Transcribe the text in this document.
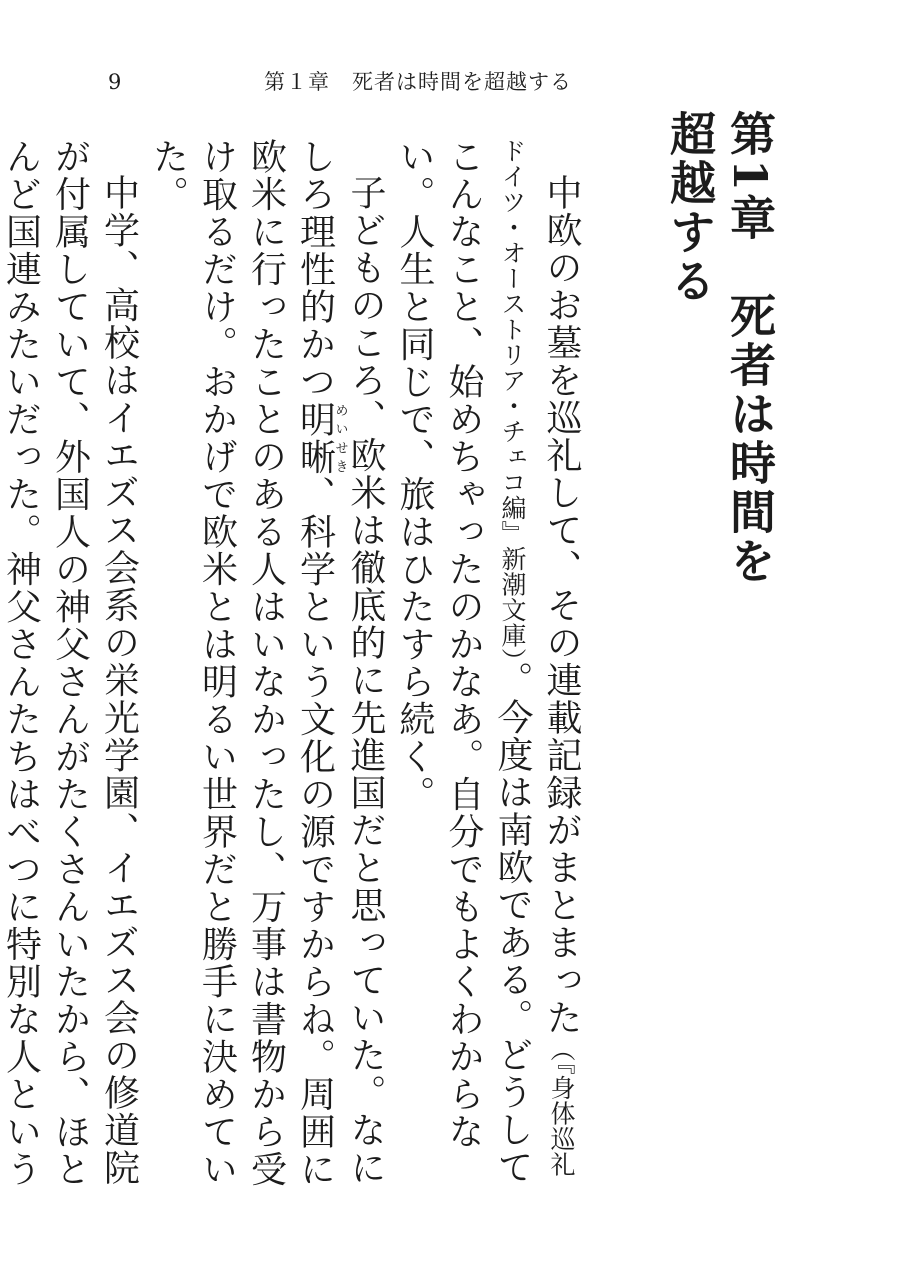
9	第１章　死者は時間を超越する
第1章　死者は時間を超越する

中欧のお墓を巡礼して、その連載記録がまとまった（『身体巡礼　ドイツ・オーストリア・チェコ編』新潮文庫）。今度は南欧である。どうしてこんなこと、始めちゃったのかなあ。自分でもよくわからない。人生と同じで、旅はひたすら続く。

子どものころ、欧米は徹底的に先進国だと思っていた。なにしろ理性的かつ明晰めいせき、科学という文化の源ですからね。周囲に欧米に行ったことのある人はいなかったし、万事は書物から受け取るだけ。おかげで欧米とは明るい世界だと勝手に決めていた。

中学、高校はイエズス会系の栄光学園、イエズス会の修道院が付属していて、外国人の神父さんがたくさんいたから、ほとんど国連みたいだった。神父さんたちはべつに特別な人という
